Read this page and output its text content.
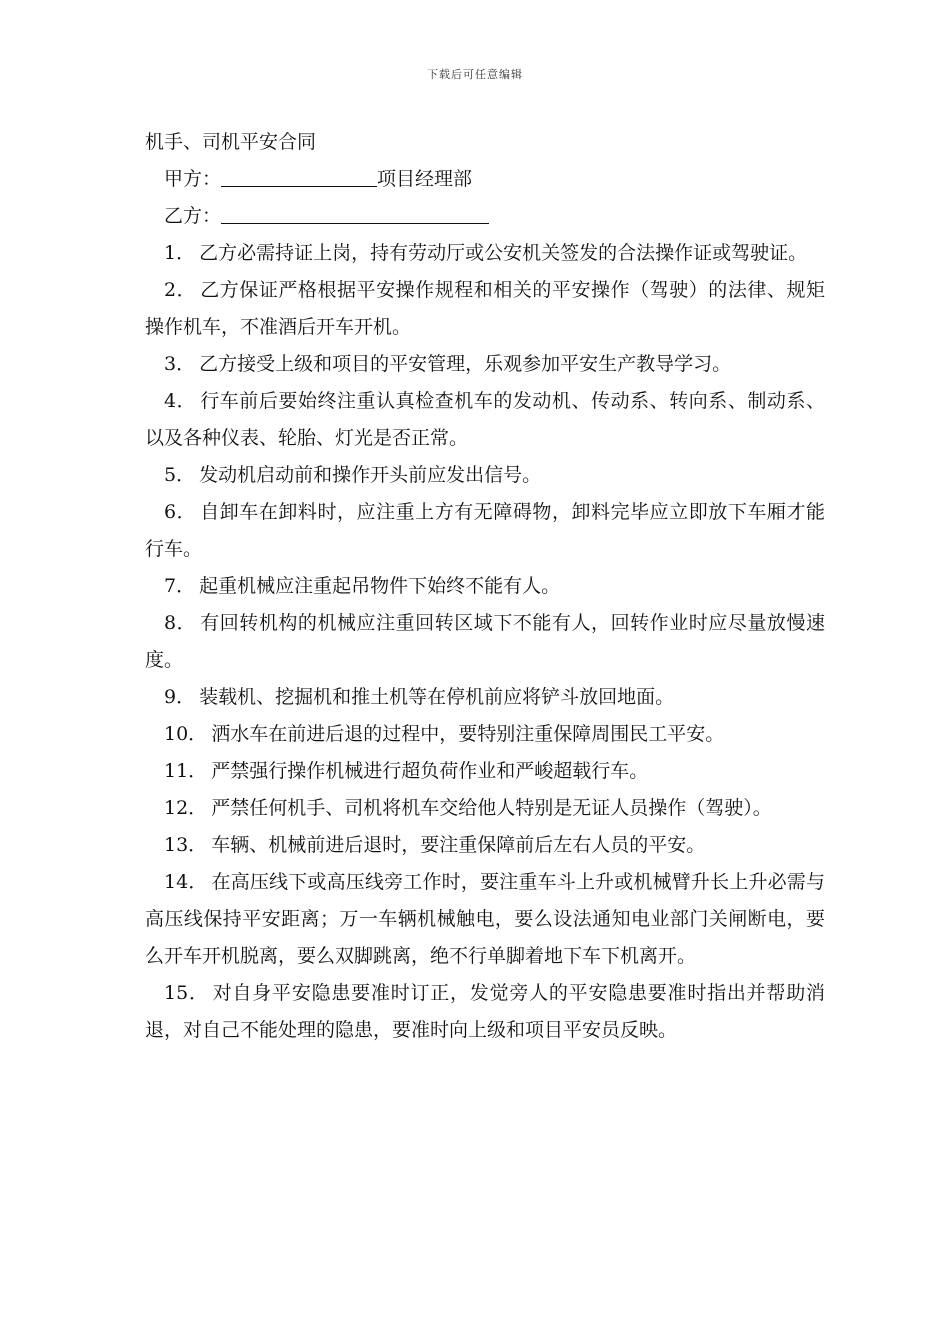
下载后可任意编辑

机手、司机平安合同

甲方：	项目经理部

乙方：

1． 乙方必需持证上岗，持有劳动厅或公安机关签发的合法操作证或驾驶证。

2． 乙方保证严格根据平安操作规程和相关的平安操作（驾驶）的法律、规矩操作机车，不准酒后开车开机。

3． 乙方接受上级和项目的平安管理，乐观参加平安生产教导学习。

4． 行车前后要始终注重认真检查机车的发动机、传动系、转向系、制动系、以及各种仪表、轮胎、灯光是否正常。

5． 发动机启动前和操作开头前应发出信号。

6． 自卸车在卸料时，应注重上方有无障碍物，卸料完毕应立即放下车厢才能行车。

7． 起重机械应注重起吊物件下始终不能有人。

8． 有回转机构的机械应注重回转区域下不能有人，回转作业时应尽量放慢速度。

9． 装载机、挖掘机和推土机等在停机前应将铲斗放回地面。

10． 洒水车在前进后退的过程中，要特别注重保障周围民工平安。

11． 严禁强行操作机械进行超负荷作业和严峻超载行车。

12． 严禁任何机手、司机将机车交给他人特别是无证人员操作（驾驶）。

13． 车辆、机械前进后退时，要注重保障前后左右人员的平安。

14． 在高压线下或高压线旁工作时，要注重车斗上升或机械臂升长上升必需与高压线保持平安距离；万一车辆机械触电，要么设法通知电业部门关闸断电，要么开车开机脱离，要么双脚跳离，绝不行单脚着地下车下机离开。

15． 对自身平安隐患要准时订正，发觉旁人的平安隐患要准时指出并帮助消退，对自己不能处理的隐患，要准时向上级和项目平安员反映。
